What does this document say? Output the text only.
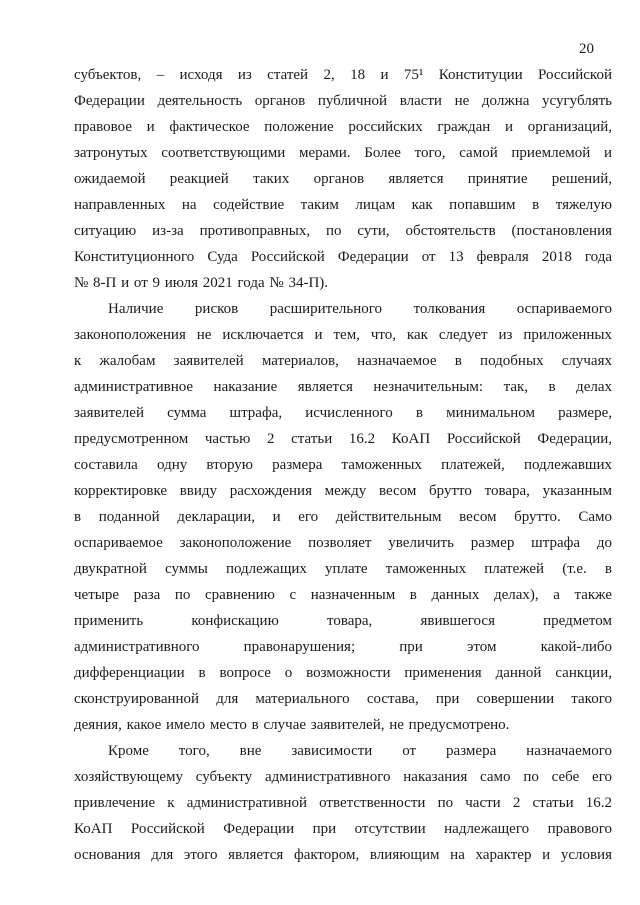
20
субъектов, – исходя из статей 2, 18 и 75¹ Конституции Российской
Федерации деятельность органов публичной власти не должна усугублять
правовое и фактическое положение российских граждан и организаций,
затронутых соответствующими мерами. Более того, самой приемлемой и
ожидаемой реакцией таких органов является принятие решений,
направленных на содействие таким лицам как попавшим в тяжелую
ситуацию из-за противоправных, по сути, обстоятельств (постановления
Конституционного Суда Российской Федерации от 13 февраля 2018 года
№ 8-П и от 9 июля 2021 года № 34-П).
Наличие рисков расширительного толкования оспариваемого
законоположения не исключается и тем, что, как следует из приложенных
к жалобам заявителей материалов, назначаемое в подобных случаях
административное наказание является незначительным: так, в делах
заявителей сумма штрафа, исчисленного в минимальном размере,
предусмотренном частью 2 статьи 16.2 КоАП Российской Федерации,
составила одну вторую размера таможенных платежей, подлежавших
корректировке ввиду расхождения между весом брутто товара, указанным
в поданной декларации, и его действительным весом брутто. Само
оспариваемое законоположение позволяет увеличить размер штрафа до
двукратной суммы подлежащих уплате таможенных платежей (т.е. в
четыре раза по сравнению с назначенным в данных делах), а также
применить конфискацию товара, явившегося предметом
административного правонарушения; при этом какой-либо
дифференциации в вопросе о возможности применения данной санкции,
сконструированной для материального состава, при совершении такого
деяния, какое имело место в случае заявителей, не предусмотрено.
Кроме того, вне зависимости от размера назначаемого
хозяйствующему субъекту административного наказания само по себе его
привлечение к административной ответственности по части 2 статьи 16.2
КоАП Российской Федерации при отсутствии надлежащего правового
основания для этого является фактором, влияющим на характер и условия
